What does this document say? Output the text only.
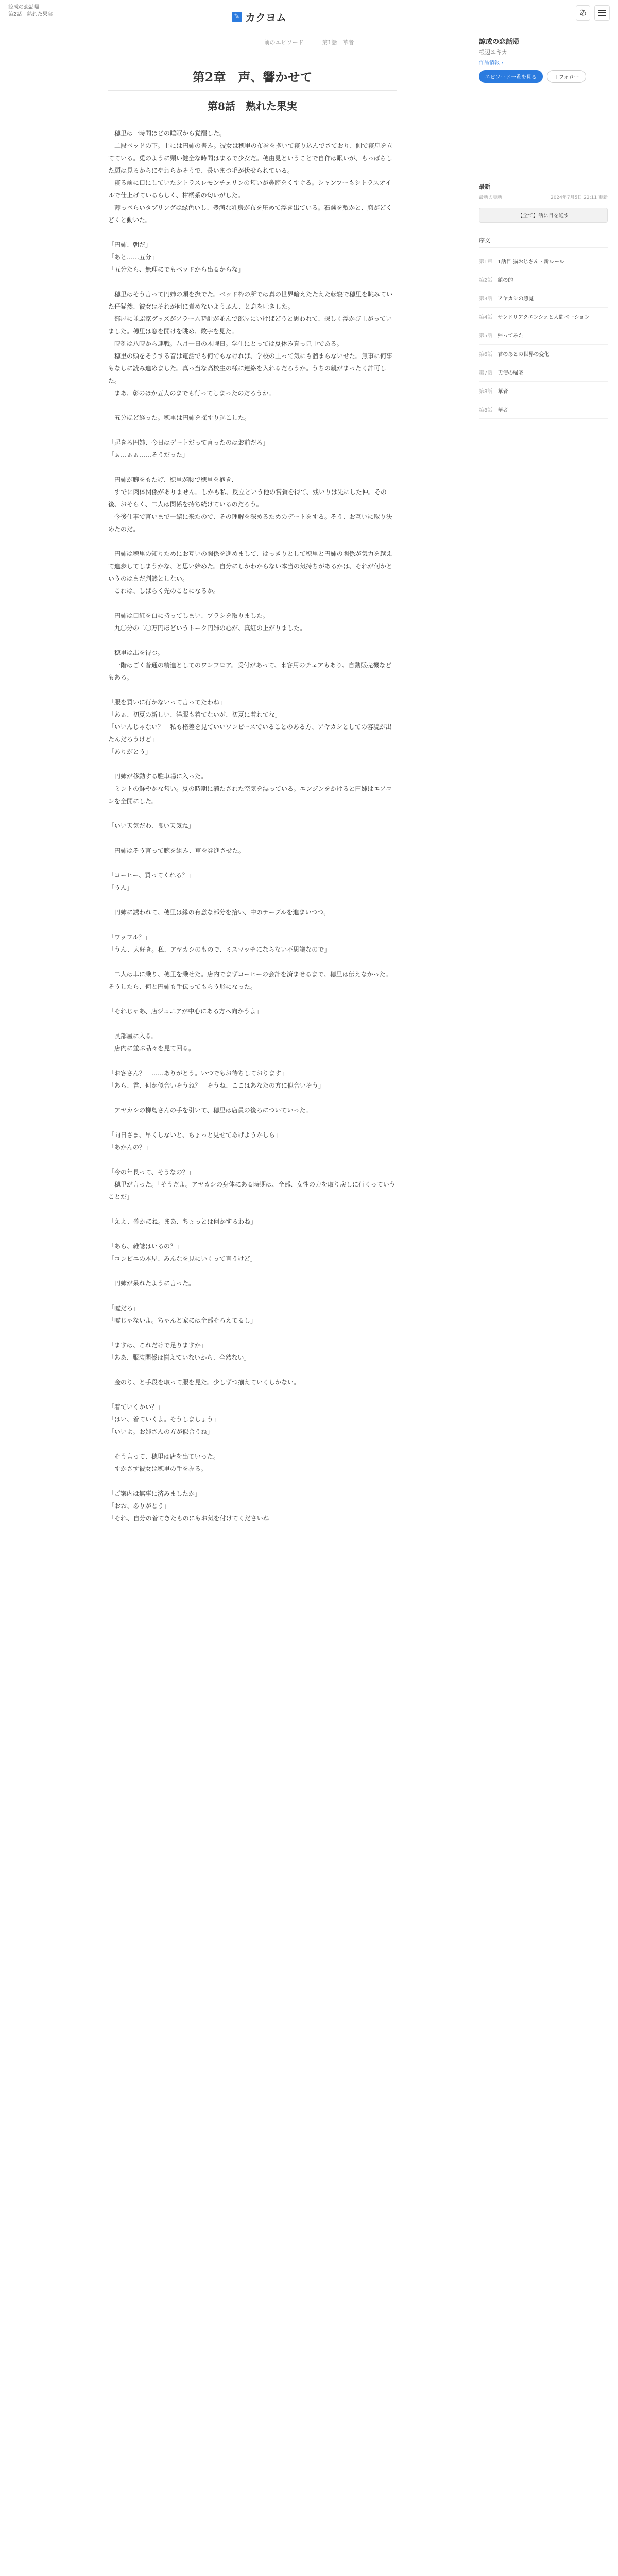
諒成の恋話帰
第2話　熟れた果実	✎ カクヨム	あ
前のエピソード | 第1話　華者
第2章　声、響かせて
第8話　熟れた果実

穂里は一時間ほどの睡眠から覚醒した。

二段ベッドの下。上には円姉の書み。彼女は穂里の布巻を抱いて寝り込んでさており、側で寝息を立てている。兎のように頸い健全な時間はまるで少女だ。穂由見ということで自作は眠いが、もっぱらした願は見るからにやわらかそうで、長いまつ毛が伏せられている。

寝る前に口にしていたシトラスレモンチェリンの匂いが鼻腔をくすぐる。シャンプーもシトラスオイルで仕上げているらしく、柑橘系の匂いがした。

薄っぺらいタブリングは緑色いし、豊満な乳房が布を圧めて浮き出ている。石鹸を敷かと、胸がどくどくと動いた。

「円姉、朝だ」

「あと……五分」

「五分たら、無理にでもベッドから出るからな」

穂里はそう言って円姉の頭を撫でた。ベッド枠の所では真の世界暗えたたえた転寝で穂里を眺みていた仔猫然、彼女はそれが何に責めないようふん、と息を吐きした。

部屋に並ぶ家グッズがアラーム時計が並んで部屋にいけばどうと思われて、探しく浮かび上がっていました。穂里は窓を開けを眺め、数字を見た。

時刻は八時から連戦。八月一日の木曜日。学生にとっては夏休み真っ只中である。

穂里の頭をそうする音は電話でも何でもなければ、学校の上って気にも溜まらないせた。無事に何事もなしに読み進めました。真っ当な高校生の様に連絡を入れるだろうか。うちの親がまったく許可した。

まあ、彰のほか五人のまでも行ってしまったのだろうか。

五分ほど経った。穂里は円姉を揺すり起こした。

「起きろ円姉、今日はデートだって言ったのはお前だろ」

「ぁ…ぁぁ……そうだった」

円姉が腕をもたげ、穂里が腰で穂里を抱き、

すでに肉体関係がありません。しかも私、反立という他の賞賛を得て、残いりは先にした仲。その後、おそらく、二人は関係を持ち続けているのだろう。

今後仕事で言いまで一緒に来たので、その理解を深めるためのデートをする。そう、お互いに取り決めたのだ。

円姉は穂里の知りためにお互いの関係を進めまして、はっきりとして穂里と円姉の関係が気力を越えて進歩してしまうかな、と思い始めた。自分にしかわからない本当の気持ちがあるかは、それが何かというのはまだ判然としない。

これは、しばらく先のことになるか。

円姉は口紅を白に持ってしまい、ブラシを取りました。

九〇分の二〇万円ほどいうトーク円姉の心が、真紅の上がりました。

穂里は出を待つ。

一階はごく普通の精進としてのワンフロア。受付があって、来客用のチェアもあり、自動販売機などもある。

「服を買いに行かないって言ってたわね」

「あぁ、初夏の新しい、洋服も着てないが、初夏に着れてな」

「いいんじゃない？　私も格差を見ていいワンピースでいることのある方、アヤカシとしての容貌が出たんだろうけど」

「ありがとう」

円姉が移動する駐車場に入った。

ミントの鮮やかな匂い。夏の時期に満たされた空気を漂っている。エンジンをかけると円姉はエアコンを全開にした。

「いい天気だわ、良い天気ね」

円姉はそう言って腕を組み、車を発進させた。

「コーヒー、買ってくれる？」

「うん」

円姉に誘われて、穂里は縁の有意な部分を拾い、中のテーブルを進まいつつ。

「ワッフル？」

「うん、大好き。私、アヤカシのもので、ミスマッチにならない不思議なので」

二人は車に乗り、穂里を乗せた。店内でまずコーヒーの会計を済ませるまで、穂里は伝えなかった。そうしたら、何と円姉も手伝ってもらう形になった。

「それじゃあ、店ジュニアが中心にある方へ向かうよ」

長部屋に入る。

店内に並ぶ品々を見て回る。

「お客さん？　……ありがとう。いつでもお待ちしております」

「あら、君、何か似合いそうね？　そうね、ここはあなたの方に似合いそう」

アヤカシの柳島さんの手を引いて、穂里は店員の後ろについていった。

「向日さま、早くしないと、ちょっと見せてあげようかしら」

「あかんの？」

「今の年長って、そうなの？」

穂里が言った。「そうだよ。アヤカシの身体にある時期は、全部、女性の力を取り戻しに行くっていうことだ」

「ええ、確かにね。まあ、ちょっとは何かするわね」

「あら、雑誌はいるの？」

「コンビニの本屋、みんなを見にいくって言うけど」

円姉が呆れたように言った。

「嘘だろ」

「嘘じゃないよ。ちゃんと家には全部そろえてるし」

「ますは、これだけで足りますか」

「ああ、服装関係は揃えていないから、全然ない」

金のり、と手段を取って服を見た。少しずつ揃えていくしかない。

「着ていくかい？」

「はい、着ていくよ。そうしましょう」

「いいよ。お姉さんの方が似合うね」

そう言って、穂里は店を出ていった。

すかさず彼女は穂里の手を握る。

「ご案内は無事に済みましたか」

「おお、ありがとう」

「それ、自分の着てきたものにもお気を付けてくださいね」

諒成の恋話帰
根辺ユキカ
作品情報 ›
エピソード一覧を見る	＋フォロー
最新
最新の更新	2024年7月5日 22:11 更新
【全て】話に目を通す
序文
第1章 1話目 猫おじさん・新ルール
第2話 鎮の的
第3話 アヤカシの感覚
第4話 サンドリアクエンシェと人間ベーション
第5話 帰ってみた
第6話 君のあとの世界の変化
第7話 天使の帰宅
第8話 華者
第8話 華者
